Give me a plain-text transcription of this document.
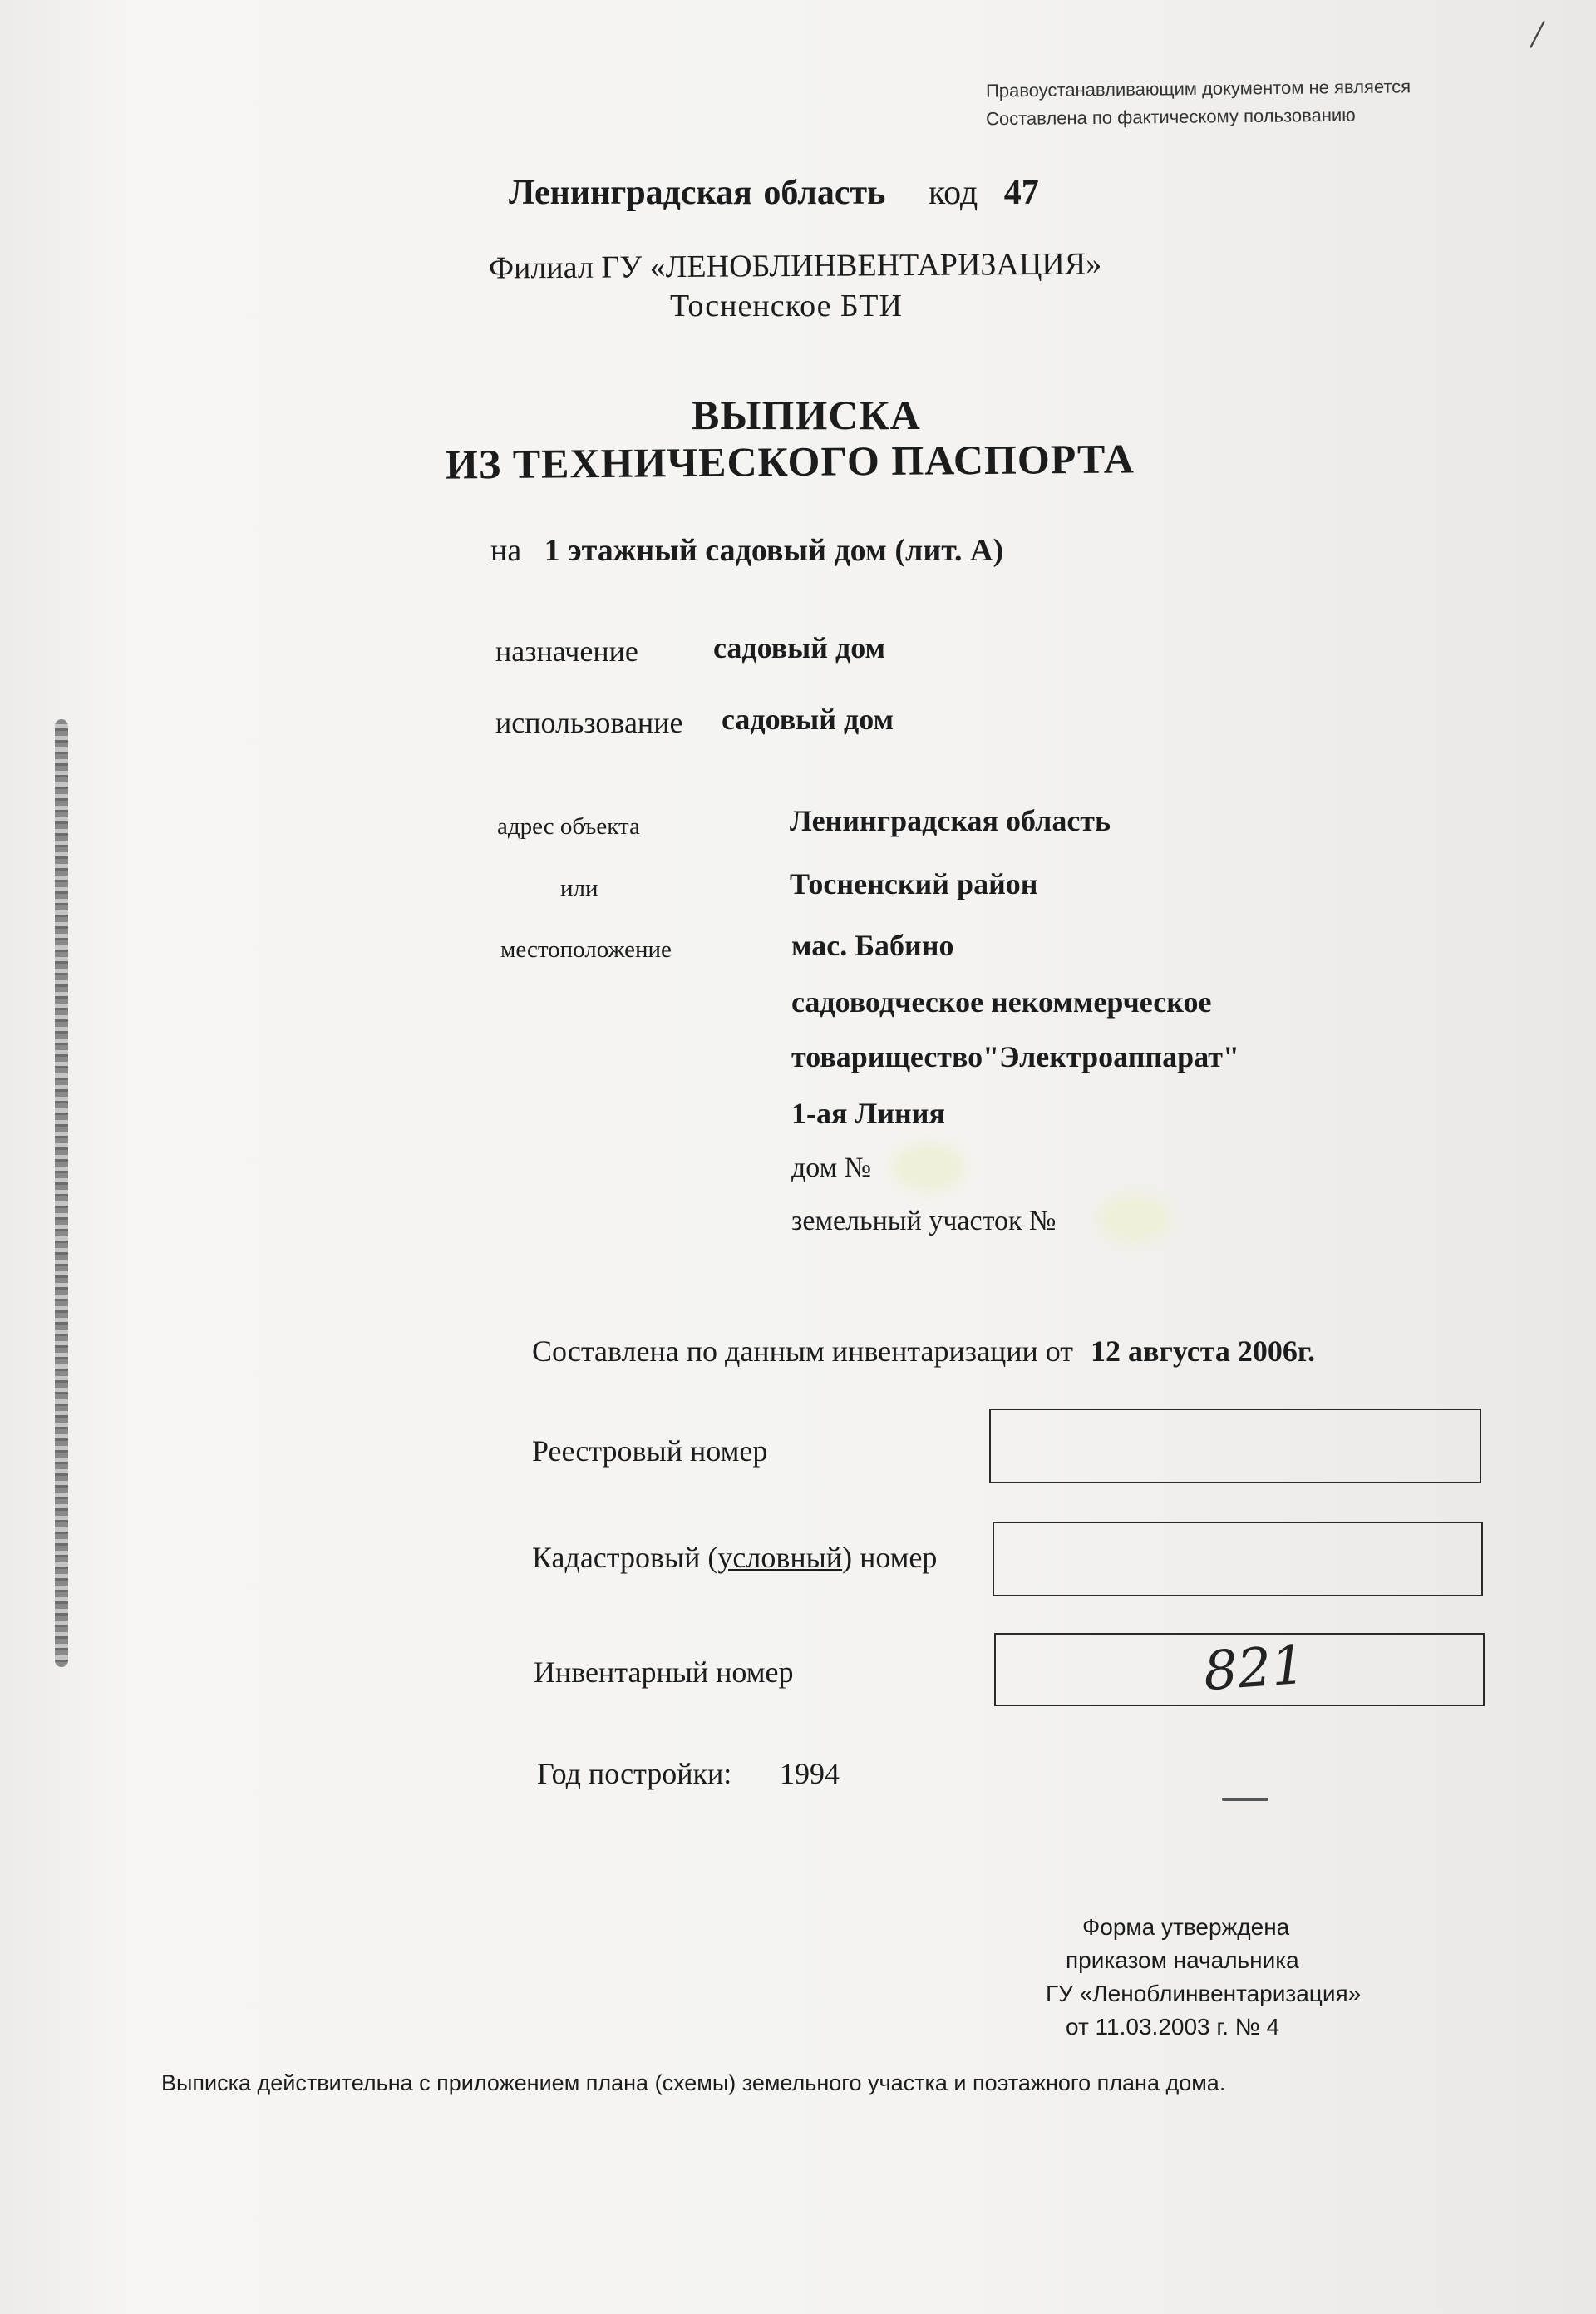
/
Правоустанавливающим документом не является
Составлена по фактическому пользованию
Ленинградская область код 47
Филиал ГУ «ЛЕНОБЛИНВЕНТАРИЗАЦИЯ»
Тосненское БТИ
ВЫПИСКА
ИЗ ТЕХНИЧЕСКОГО ПАСПОРТА
на 1 этажный садовый дом (лит. А)
назначение	садовый дом
использование садовый дом
адрес объекта
или
местоположение
Ленинградская область
Тосненский район
мас. Бабино
садоводческое некоммерческое
товарищество"Электроаппарат"
1-ая Линия
дом №
земельный участок №
Составлена по данным инвентаризации от 12 августа 2006г.
Реестровый номер
Кадастровый (условный) номер
Инвентарный номер	821
Год постройки: 1994
Форма утверждена
приказом начальника
ГУ «Леноблинвентаризация»
от 11.03.2003 г. № 4
Выписка действительна с приложением плана (схемы) земельного участка и поэтажного плана дома.
